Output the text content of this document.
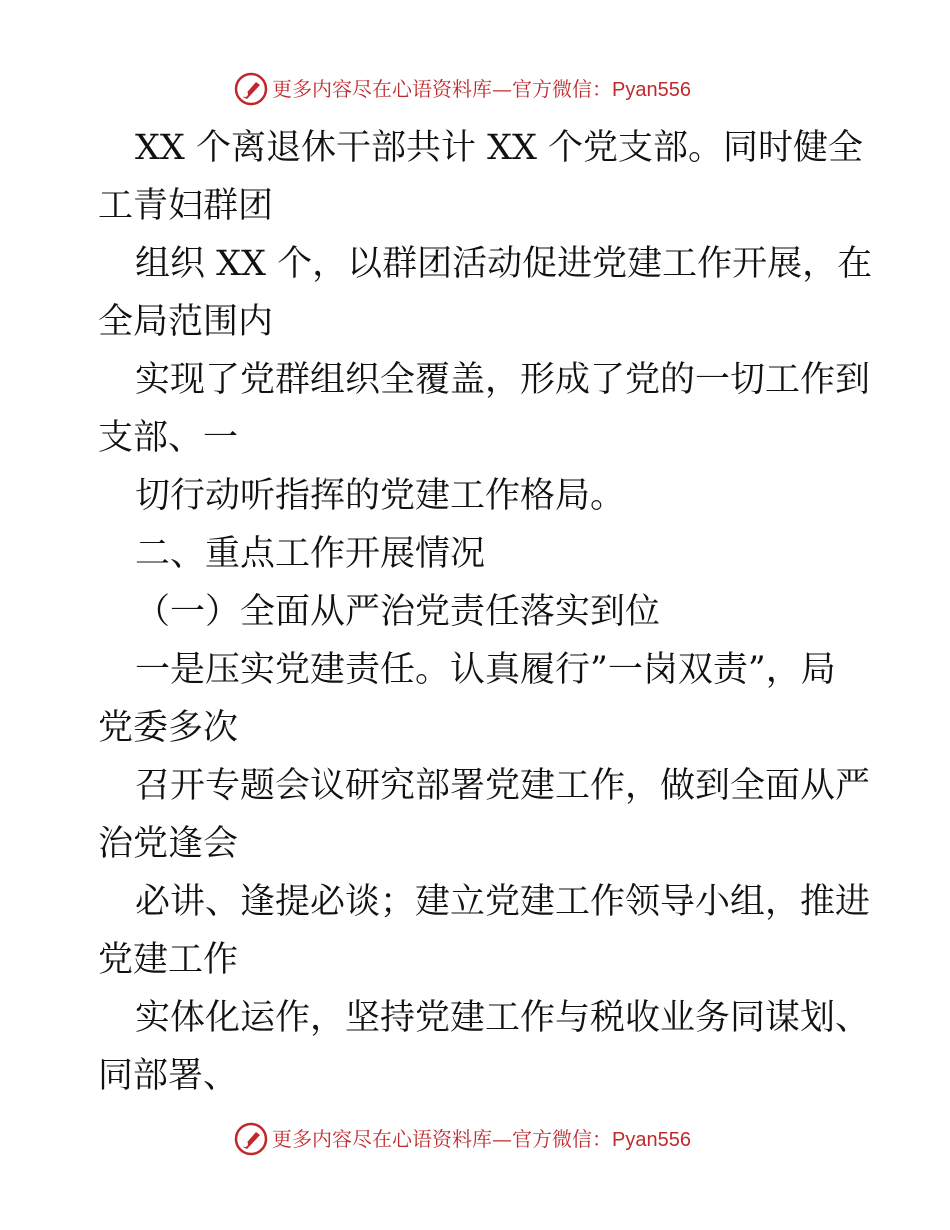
更多内容尽在心语资料库—官方微信：Pyan556
XX 个离退休干部共计 XX 个党支部。同时健全
工青妇群团
组织 XX 个，以群团活动促进党建工作开展，在
全局范围内
实现了党群组织全覆盖，形成了党的一切工作到
支部、一
切行动听指挥的党建工作格局。
二、重点工作开展情况
（一）全面从严治党责任落实到位
一是压实党建责任。认真履行”一岗双责”，局
党委多次
召开专题会议研究部署党建工作，做到全面从严
治党逢会
必讲、逢提必谈；建立党建工作领导小组，推进
党建工作
实体化运作，坚持党建工作与税收业务同谋划、
同部署、
更多内容尽在心语资料库—官方微信：Pyan556
